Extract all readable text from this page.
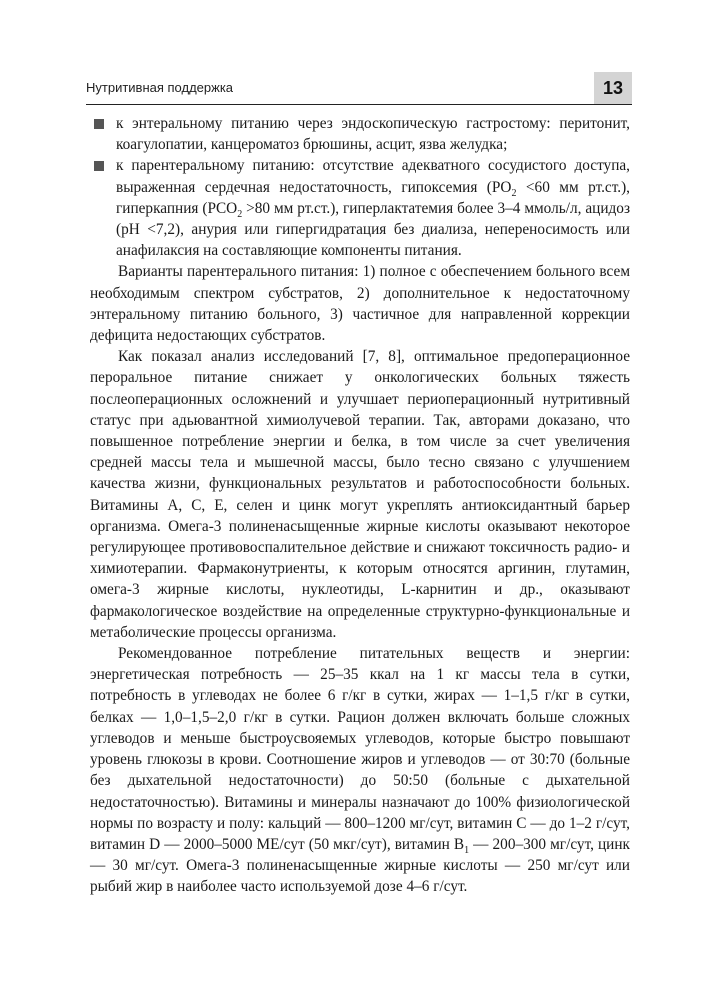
Нутритивная поддержка	13
к энтеральному питанию через эндоскопическую гастростому: перитонит, коагулопатии, канцероматоз брюшины, асцит, язва желудка;
к парентеральному питанию: отсутствие адекватного сосудистого доступа, выраженная сердечная недостаточность, гипоксемия ($PO_2 <60$ мм рт.ст.), гиперкапния ($PCO_2 >80$ мм рт.ст.), гиперлактатемия более 3–4 ммоль/л, ацидоз (pH <7,2), анурия или гипергидратация без диализа, непереносимость или анафилаксия на составляющие компоненты питания.

Варианты парентерального питания: 1) полное с обеспечением больного всем необходимым спектром субстратов, 2) дополнительное к недостаточному энтеральному питанию больного, 3) частичное для направленной коррекции дефицита недостающих субстратов.

Как показал анализ исследований [7, 8], оптимальное предоперационное пероральное питание снижает у онкологических больных тяжесть послеоперационных осложнений и улучшает периоперационный нутритивный статус при адьювантной химиолучевой терапии. Так, авторами доказано, что повышенное потребление энергии и белка, в том числе за счет увеличения средней массы тела и мышечной массы, было тесно связано с улучшением качества жизни, функциональных результатов и работоспособности больных. Витамины А, С, Е, селен и цинк могут укреплять антиоксидантный барьер организма. Омега-3 полиненасыщенные жирные кислоты оказывают некоторое регулирующее противовоспалительное действие и снижают токсичность радио- и химиотерапии. Фармаконутриенты, к которым относятся аргинин, глутамин, омега-3 жирные кислоты, нуклеотиды, L-карнитин и др., оказывают фармакологическое воздействие на определенные структурно-функциональные и метаболические процессы организма.

Рекомендованное потребление питательных веществ и энергии: энергетическая потребность — 25–35 ккал на 1 кг массы тела в сутки, потребность в углеводах не более 6 г/кг в сутки, жирах — 1–1,5 г/кг в сутки, белках — 1,0–1,5–2,0 г/кг в сутки. Рацион должен включать больше сложных углеводов и меньше быстроусвояемых углеводов, которые быстро повышают уровень глюкозы в крови. Соотношение жиров и углеводов — от 30:70 (больные без дыхательной недостаточности) до 50:50 (больные с дыхательной недостаточностью). Витамины и минералы назначают до 100% физиологической нормы по возрасту и полу: кальций — 800–1200 мг/сут, витамин С — до 1–2 г/сут, витамин D — 2000–5000 МЕ/сут (50 мкг/сут), витамин $В_1$ — 200–300 мг/сут, цинк — 30 мг/сут. Омега-3 полиненасыщенные жирные кислоты — 250 мг/сут или рыбий жир в наиболее часто используемой дозе 4–6 г/сут.
